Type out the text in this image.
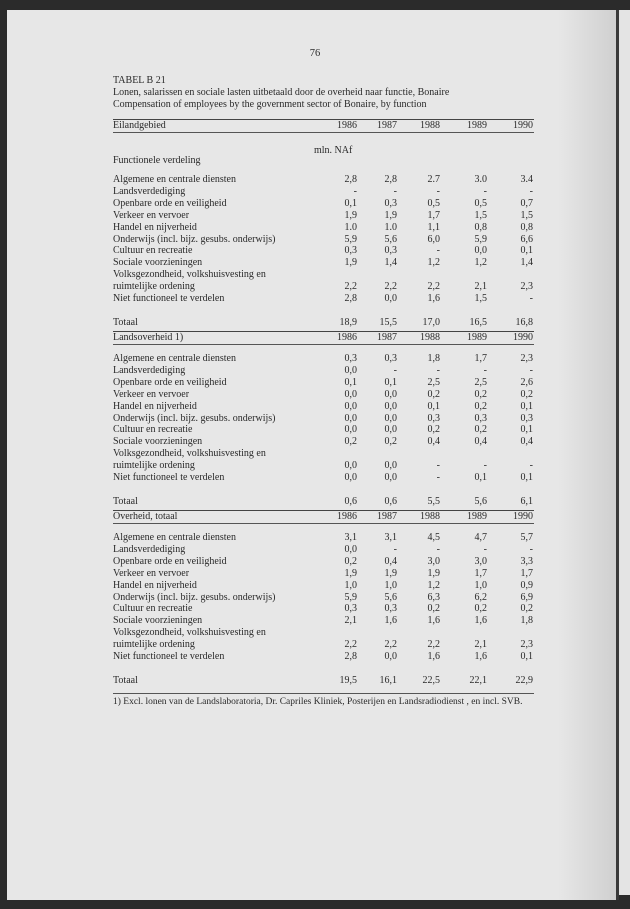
76
TABEL B 21
Lonen, salarissen en sociale lasten uitbetaald door de overheid naar functie, Bonaire
Compensation of employees by the government sector of Bonaire, by function
Eilandgebied	1986	1987	1988	1989	1990
mln. NAf
Functionele verdeling
Algemene en centrale diensten	2,8	2,8	2.7	3.0	3.4
Landsverdediging	-	-	-	-	-
Openbare orde en veiligheid	0,1	0,3	0,5	0,5	0,7
Verkeer en vervoer	1,9	1,9	1,7	1,5	1,5
Handel en nijverheid	1.0	1.0	1,1	0,8	0,8
Onderwijs (incl. bijz. gesubs. onderwijs)	5,9	5,6	6,0	5,9	6,6
Cultuur en recreatie	0,3	0,3	-	0,0	0,1
Sociale voorzieningen	1,9	1,4	1,2	1,2	1,4
Volksgezondheid, volkshuisvesting en
ruimtelijke ordening	2,2	2,2	2,2	2,1	2,3
Niet functioneel te verdelen	2,8	0,0	1,6	1,5	-
Totaal	18,9	15,5	17,0	16,5	16,8
Landsoverheid 1)	1986	1987	1988	1989	1990
Algemene en centrale diensten	0,3	0,3	1,8	1,7	2,3
Landsverdediging	0,0	-	-	-	-
Openbare orde en veiligheid	0,1	0,1	2,5	2,5	2,6
Verkeer en vervoer	0,0	0,0	0,2	0,2	0,2
Handel en nijverheid	0,0	0,0	0,1	0,2	0,1
Onderwijs (incl. bijz. gesubs. onderwijs)	0,0	0,0	0,3	0,3	0,3
Cultuur en recreatie	0,0	0,0	0,2	0,2	0,1
Sociale voorzieningen	0,2	0,2	0,4	0,4	0,4
Volksgezondheid, volkshuisvesting en
ruimtelijke ordening	0,0	0,0	-	-	-
Niet functioneel te verdelen	0,0	0,0	-	0,1	0,1
Totaal	0,6	0,6	5,5	5,6	6,1
Overheid, totaal	1986	1987	1988	1989	1990
Algemene en centrale diensten	3,1	3,1	4,5	4,7	5,7
Landsverdediging	0,0	-	-	-	-
Openbare orde en veiligheid	0,2	0,4	3,0	3,0	3,3
Verkeer en vervoer	1,9	1,9	1,9	1,7	1,7
Handel en nijverheid	1,0	1,0	1,2	1,0	0,9
Onderwijs (incl. bijz. gesubs. onderwijs)	5,9	5,6	6,3	6,2	6,9
Cultuur en recreatie	0,3	0,3	0,2	0,2	0,2
Sociale voorzieningen	2,1	1,6	1,6	1,6	1,8
Volksgezondheid, volkshuisvesting en
ruimtelijke ordening	2,2	2,2	2,2	2,1	2,3
Niet functioneel te verdelen	2,8	0,0	1,6	1,6	0,1
Totaal	19,5	16,1	22,5	22,1	22,9
1) Excl. lonen van de Landslaboratoria, Dr. Capriles Kliniek, Posterijen en Landsradiodienst , en incl. SVB.
